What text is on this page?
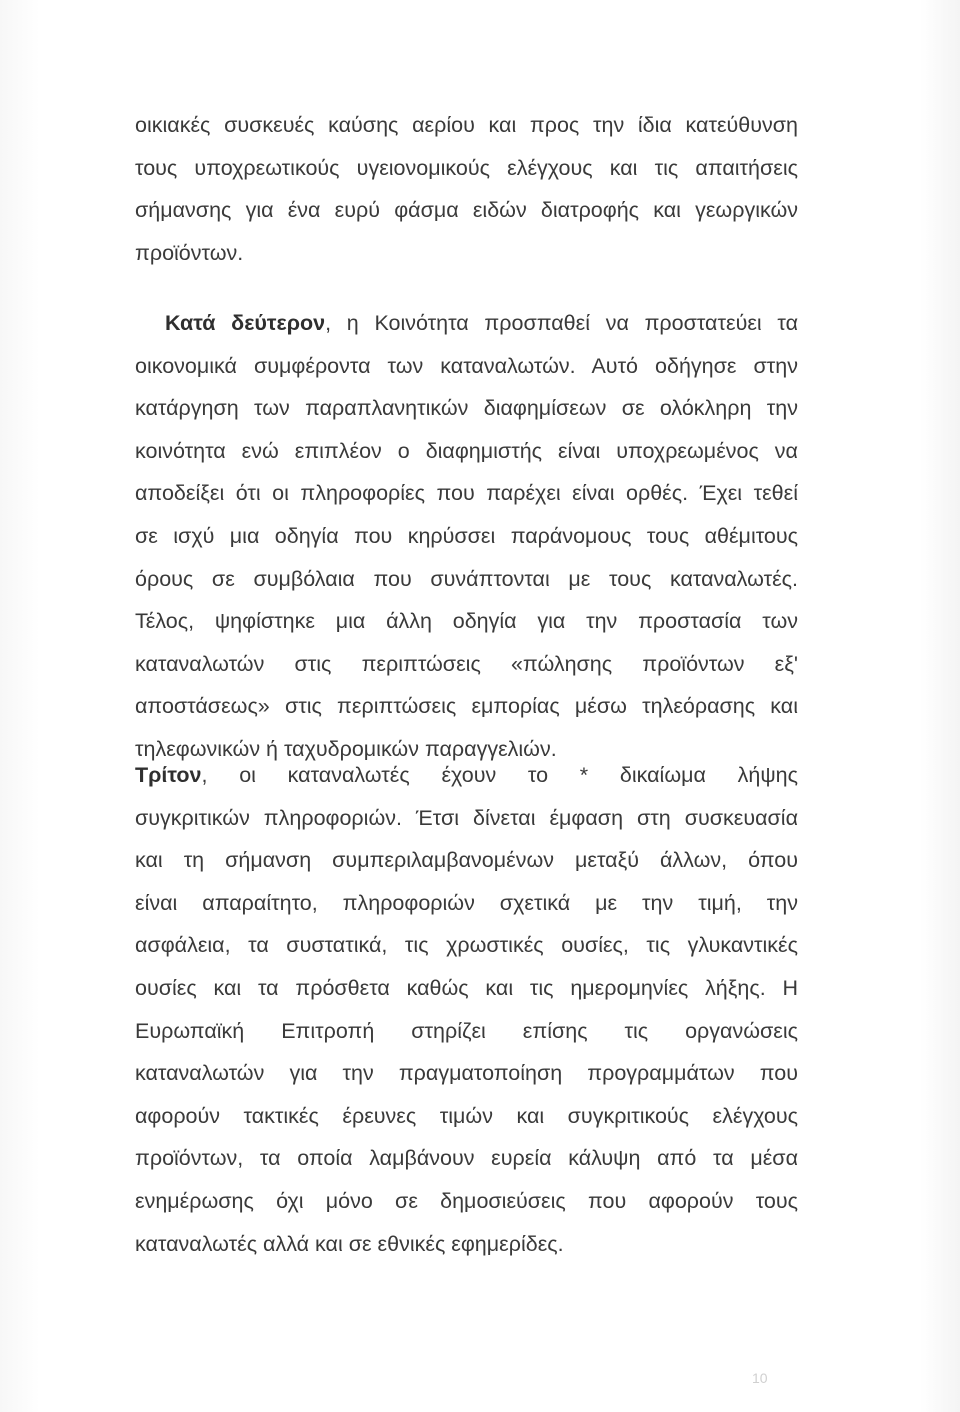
οικιακές συσκευές καύσης αερίου και προς την ίδια κατεύθυνση
τους υποχρεωτικούς υγειονομικούς ελέγχους και τις απαιτήσεις
σήμανσης για ένα ευρύ φάσμα ειδών διατροφής και γεωργικών
προϊόντων.
Κατά δεύτερον, η Κοινότητα προσπαθεί να προστατεύει τα
οικονομικά συμφέροντα των καταναλωτών. Αυτό οδήγησε στην
κατάργηση των παραπλανητικών διαφημίσεων σε ολόκληρη την
κοινότητα ενώ επιπλέον ο διαφημιστής είναι υποχρεωμένος να
αποδείξει ότι οι πληροφορίες που παρέχει είναι ορθές. Έχει τεθεί
σε ισχύ μια οδηγία που κηρύσσει παράνομους τους αθέμιτους
όρους σε συμβόλαια που συνάπτονται με τους καταναλωτές.
Τέλος, ψηφίστηκε μια άλλη οδηγία για την προστασία των
καταναλωτών στις περιπτώσεις «πώλησης προϊόντων εξ'
αποστάσεως» στις περιπτώσεις εμπορίας μέσω τηλεόρασης και
τηλεφωνικών ή ταχυδρομικών παραγγελιών.
Τρίτον, οι καταναλωτές έχουν το * δικαίωμα λήψης
συγκριτικών πληροφοριών. Έτσι δίνεται έμφαση στη συσκευασία
και τη σήμανση συμπεριλαμβανομένων μεταξύ άλλων, όπου
είναι απαραίτητο, πληροφοριών σχετικά με την τιμή, την
ασφάλεια, τα συστατικά, τις χρωστικές ουσίες, τις γλυκαντικές
ουσίες και τα πρόσθετα καθώς και τις ημερομηνίες λήξης. Η
Ευρωπαϊκή Επιτροπή στηρίζει επίσης τις οργανώσεις
καταναλωτών για την πραγματοποίηση προγραμμάτων που
αφορούν τακτικές έρευνες τιμών και συγκριτικούς ελέγχους
προϊόντων, τα οποία λαμβάνουν ευρεία κάλυψη από τα μέσα
ενημέρωσης όχι μόνο σε δημοσιεύσεις που αφορούν τους
καταναλωτές αλλά και σε εθνικές εφημερίδες.
10
